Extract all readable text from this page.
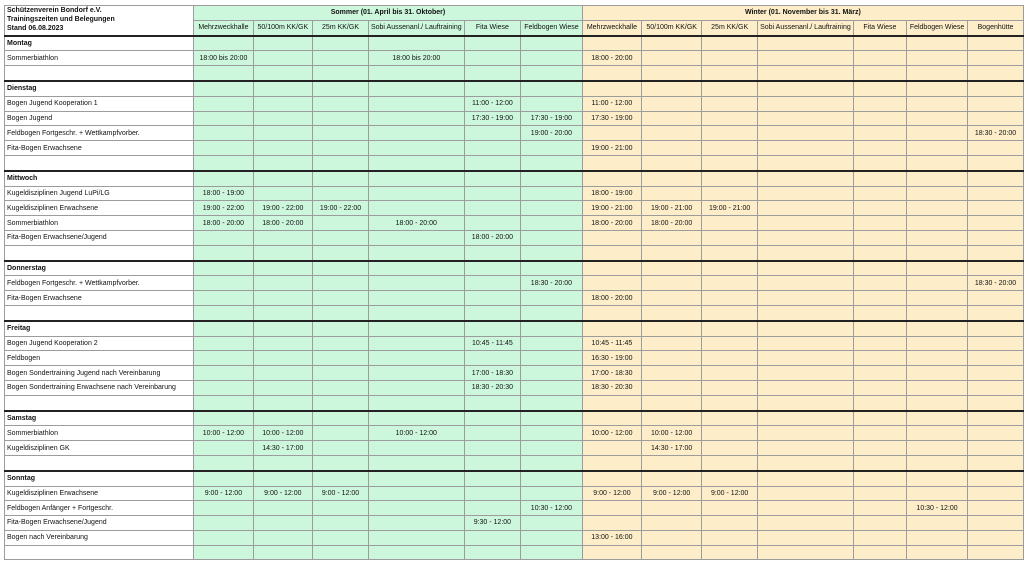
Schützenverein Bondorf e.V.
Trainingszeiten und Belegungen
Stand 06.08.2023	Sommer (01. April bis 31. Oktober)						Winter (01. November bis 31. März)						
	Mehrzweckhalle	50/100m KK/GK	25m KK/GK	Sobi Aussenanl./ Lauftraining	Fita Wiese	Feldbogen Wiese	Mehrzweckhalle	50/100m KK/GK	25m KK/GK	Sobi Aussenanl./ Lauftraining	Fita Wiese	Feldbogen Wiese	Bogenhütte
Montag													
Sommerbiathlon	18:00 bis 20:00			18:00 bis 20:00			18:00 - 20:00						

Dienstag													
Bogen Jugend Kooperation 1					11:00 - 12:00		11:00 - 12:00						
Bogen Jugend					17:30 - 19:00	17:30 - 19:00	17:30 - 19:00						
Feldbogen Fortgeschr. + Wettkampfvorber.						19:00 - 20:00							18:30 - 20:00
Fita-Bogen Erwachsene							19:00 - 21:00						

Mittwoch													
Kugeldisziplinen Jugend LuPi/LG	18:00 - 19:00						18:00 - 19:00						
Kugeldisziplinen Erwachsene	19:00 - 22:00	19:00 - 22:00	19:00 - 22:00				19:00 - 21:00	19:00 - 21:00	19:00 - 21:00				
Sommerbiathlon	18:00 - 20:00	18:00 - 20:00		18:00 - 20:00			18:00 - 20:00	18:00 - 20:00					
Fita-Bogen Erwachsene/Jugend					18:00 - 20:00								

Donnerstag													
Feldbogen Fortgeschr. + Wettkampfvorber.						18:30 - 20:00							18:30 - 20:00
Fita-Bogen Erwachsene							18:00 - 20:00						

Freitag													
Bogen Jugend Kooperation 2					10:45 - 11:45		10:45 - 11:45						
Feldbogen							16:30 - 19:00						
Bogen Sondertraining Jugend nach Vereinbarung					17:00 - 18:30		17:00 - 18:30						
Bogen Sondertraining Erwachsene nach Vereinbarung					18:30 - 20:30		18:30 - 20:30						

Samstag													
Sommerbiathlon	10:00 - 12:00	10:00 - 12:00		10:00 - 12:00			10:00 - 12:00	10:00 - 12:00					
Kugeldisziplinen GK		14:30 - 17:00						14:30 - 17:00					

Sonntag													
Kugeldisziplinen Erwachsene	9:00 - 12:00	9:00 - 12:00	9:00 - 12:00				9:00 - 12:00	9:00 - 12:00	9:00 - 12:00				
Feldbogen Anfänger + Fortgeschr.						10:30 - 12:00						10:30 - 12:00	
Fita-Bogen Erwachsene/Jugend					9:30 - 12:00								
Bogen nach Vereinbarung							13:00 - 16:00						
